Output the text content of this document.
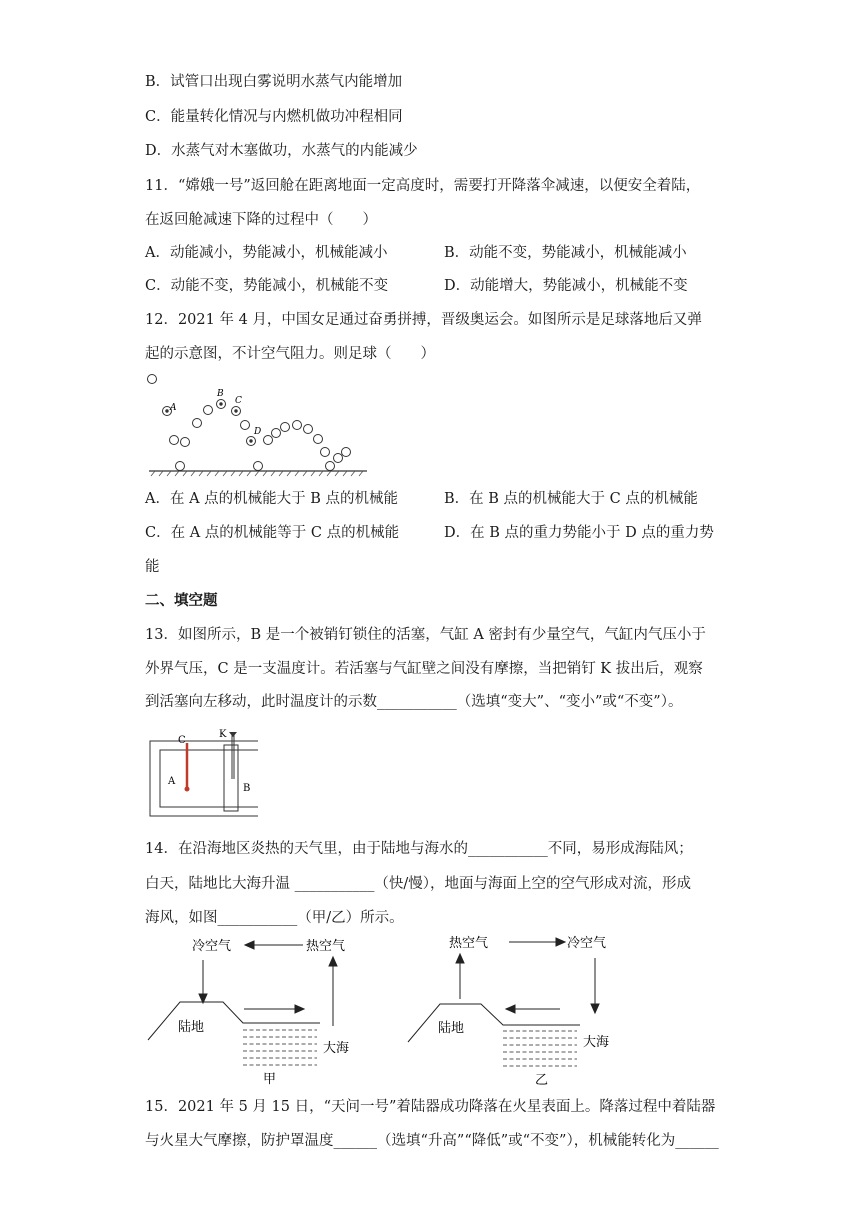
B．试管口出现白雾说明水蒸气内能增加
C．能量转化情况与内燃机做功冲程相同
D．水蒸气对木塞做功，水蒸气的内能减少
11．“嫦娥一号”返回舱在距离地面一定高度时，需要打开降落伞减速，以便安全着陆，
在返回舱减速下降的过程中（　　）
A．动能减小，势能减小，机械能减小	B．动能不变，势能减小，机械能减小
C．动能不变，势能减小，机械能不变	D．动能增大，势能减小，机械能不变
12．2021 年 4 月，中国女足通过奋勇拼搏，晋级奥运会。如图所示是足球落地后又弹
起的示意图，不计空气阻力。则足球（　　）
A
B
C
D
A．在 A 点的机械能大于 B 点的机械能	B．在 B 点的机械能大于 C 点的机械能
C．在 A 点的机械能等于 C 点的机械能	D．在 B 点的重力势能小于 D 点的重力势
能
二、填空题
13．如图所示，B 是一个被销钉锁住的活塞，气缸 A 密封有少量空气，气缸内气压小于
外界气压，C 是一支温度计。若活塞与气缸壁之间没有摩擦，当把销钉 K 拔出后，观察
到活塞向左移动，此时温度计的示数___________（选填“变大”、“变小”或“不变”）。
C
K
A
B
14．在沿海地区炎热的天气里，由于陆地与海水的___________不同，易形成海陆风；
白天，陆地比大海升温 ___________（快/慢），地面与海面上空的空气形成对流，形成
海风，如图___________（甲/乙）所示。
冷空气	热空气
陆地
大海
甲
热空气	冷空气
陆地
大海
乙
15．2021 年 5 月 15 日，“天问一号”着陆器成功降落在火星表面上。降落过程中着陆器
与火星大气摩擦，防护罩温度______（选填“升高”“降低”或“不变”），机械能转化为______
